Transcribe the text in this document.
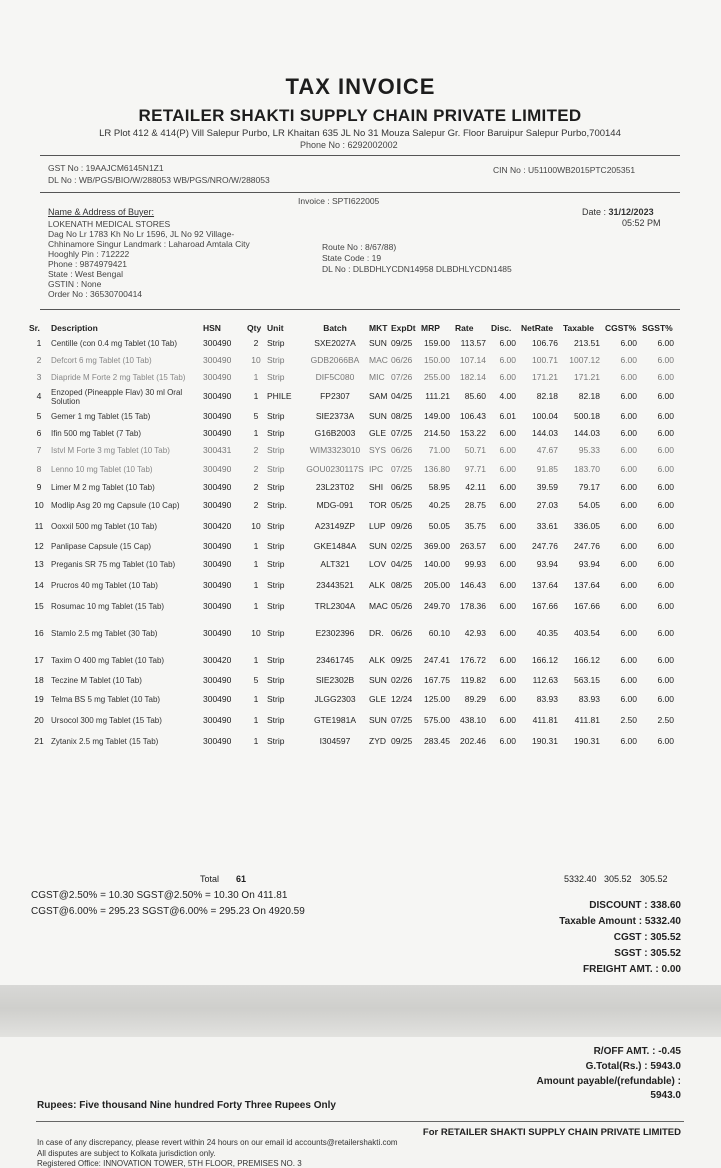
TAX INVOICE
RETAILER SHAKTI SUPPLY CHAIN PRIVATE LIMITED
LR Plot 412 & 414(P) Vill Salepur Purbo, LR Khaitan 635 JL No 31 Mouza Salepur Gr. Floor Baruipur Salepur Purbo,700144
Phone No : 6292002002
GST No : 19AAJCM6145N1Z1
DL No : WB/PGS/BIO/W/288053 WB/PGS/NRO/W/288053
CIN No : U51100WB2015PTC205351
Invoice : SPTI622005
Date : 31/12/2023
05:52 PM
Name & Address of Buyer:
LOKENATH MEDICAL STORES
Dag No Lr 1783 Kh No Lr 1596, JL No 92 Village-
Chhinamore Singur Landmark : Laharoad Amtala City
Hooghly Pin : 712222
Phone : 9874979421
State : West Bengal
GSTIN : None
Order No : 36530700414
Route No : 8/67/88)
State Code : 19
DL No : DLBDHLYCDN14958 DLBDHLYCDN1485
Sr.	Description	HSN	Qty	Unit	Batch	MKT	ExpDt	MRP	Rate	Disc.	NetRate	Taxable	CGST%	SGST%
1	Centille (con 0.4 mg Tablet (10 Tab)	300490	2	Strip	SXE2027A	SUN	09/25	159.00	113.57	6.00	106.76	213.51	6.00	6.00
2	Defcort 6 mg Tablet (10 Tab)	300490	10	Strip	GDB2066BA	MAC	06/26	150.00	107.14	6.00	100.71	1007.12	6.00	6.00
3	Diapride M Forte 2 mg Tablet (15 Tab)	300490	1	Strip	DIF5C080	MIC	07/26	255.00	182.14	6.00	171.21	171.21	6.00	6.00
4	Enzoped (Pineapple Flav) 30 ml Oral Solution	300490	1	PHILE	FP2307	SAM	04/25	111.21	85.60	4.00	82.18	82.18	6.00	6.00
5	Gemer 1 mg Tablet (15 Tab)	300490	5	Strip	SIE2373A	SUN	08/25	149.00	106.43	6.01	100.04	500.18	6.00	6.00
6	Ifin 500 mg Tablet (7 Tab)	300490	1	Strip	G16B2003	GLE	07/25	214.50	153.22	6.00	144.03	144.03	6.00	6.00
7	Istvl M Forte 3 mg Tablet (10 Tab)	300431	2	Strip	WIM3323010	SYS	06/26	71.00	50.71	6.00	47.67	95.33	6.00	6.00
8	Lenno 10 mg Tablet (10 Tab)	300490	2	Strip	GOU0230117S	IPC	07/25	136.80	97.71	6.00	91.85	183.70	6.00	6.00
9	Limer M 2 mg Tablet (10 Tab)	300490	2	Strip	23L23T02	SHI	06/25	58.95	42.11	6.00	39.59	79.17	6.00	6.00
10	Modlip Asg 20 mg Capsule (10 Cap)	300490	2	Strip.	MDG-091	TOR	05/25	40.25	28.75	6.00	27.03	54.05	6.00	6.00
11	Ooxxil 500 mg Tablet (10 Tab)	300420	10	Strip	A23149ZP	LUP	09/26	50.05	35.75	6.00	33.61	336.05	6.00	6.00
12	Panlipase Capsule (15 Cap)	300490	1	Strip	GKE1484A	SUN	02/25	369.00	263.57	6.00	247.76	247.76	6.00	6.00
13	Preganis SR 75 mg Tablet (10 Tab)	300490	1	Strip	ALT321	LOV	04/25	140.00	99.93	6.00	93.94	93.94	6.00	6.00
14	Prucros 40 mg Tablet (10 Tab)	300490	1	Strip	23443521	ALK	08/25	205.00	146.43	6.00	137.64	137.64	6.00	6.00
15	Rosumac 10 mg Tablet (15 Tab)	300490	1	Strip	TRL2304A	MAC	05/26	249.70	178.36	6.00	167.66	167.66	6.00	6.00
16	Stamlo 2.5 mg Tablet (30 Tab)	300490	10	Strip	E2302396	DR.	06/26	60.10	42.93	6.00	40.35	403.54	6.00	6.00
17	Taxim O 400 mg Tablet (10 Tab)	300420	1	Strip	23461745	ALK	09/25	247.41	176.72	6.00	166.12	166.12	6.00	6.00
18	Teczine M Tablet (10 Tab)	300490	5	Strip	SIE2302B	SUN	02/26	167.75	119.82	6.00	112.63	563.15	6.00	6.00
19	Telma BS 5 mg Tablet (10 Tab)	300490	1	Strip	JLGG2303	GLE	12/24	125.00	89.29	6.00	83.93	83.93	6.00	6.00
20	Ursocol 300 mg Tablet (15 Tab)	300490	1	Strip	GTE1981A	SUN	07/25	575.00	438.10	6.00	411.81	411.81	2.50	2.50
21	Zytanix 2.5 mg Tablet (15 Tab)	300490	1	Strip	I304597	ZYD	09/25	283.45	202.46	6.00	190.31	190.31	6.00	6.00
Total 61	5332.40 305.52 305.52
CGST@2.50% = 10.30 SGST@2.50% = 10.30 On 411.81
CGST@6.00% = 295.23 SGST@6.00% = 295.23 On 4920.59
DISCOUNT : 338.60
Taxable Amount : 5332.40
CGST : 305.52
SGST : 305.52
FREIGHT AMT. : 0.00
R/OFF AMT. : -0.45
G.Total(Rs.) : 5943.0
Amount payable/(refundable) :
5943.0
Rupees: Five thousand Nine hundred Forty Three Rupees Only
For RETAILER SHAKTI SUPPLY CHAIN PRIVATE LIMITED
In case of any discrepancy, please revert within 24 hours on our email id accounts@retailershakti.com
All disputes are subject to Kolkata jurisdiction only.
Registered Office: INNOVATION TOWER, 5TH FLOOR, PREMISES NO. 3
